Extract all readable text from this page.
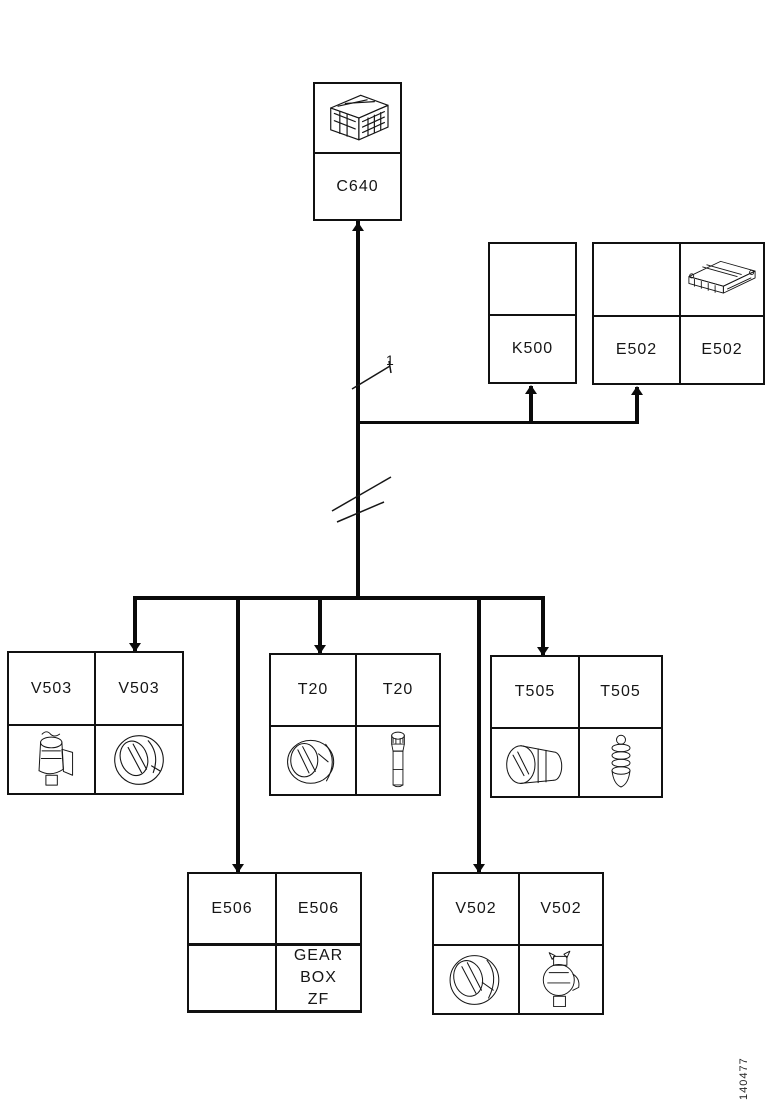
1
C640
K500	E502	E502
V503	V503	T20	T20	T505	T505
E506	E506
GEAR
BOX
ZF
V502	V502
140477
